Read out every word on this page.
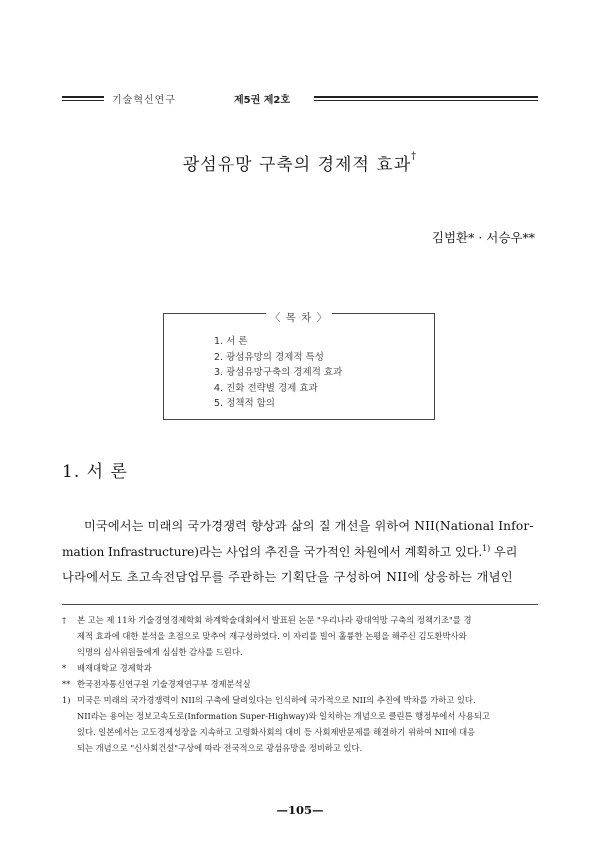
기술혁신연구	제5권 제2호
광섬유망 구축의 경제적 효과†
김범환* · 서승우**
〈 목 차 〉
1. 서 론
2. 광섬유망의 경제적 특성
3. 광섬유망구축의 경제적 효과
4. 진화 전략별 경제 효과
5. 정책적 함의
1. 서 론
미국에서는 미래의 국가경쟁력 향상과 삶의 질 개선을 위하여 NII(National Infor-
mation Infrastructure)라는 사업의 추진을 국가적인 차원에서 계획하고 있다.$^{1)}$ 우리
나라에서도 초고속전담업무를 주관하는 기획단을 구성하여 NII에 상응하는 개념인
† 본 고는 제 11차 기술경영경제학회 하계학술대회에서 발표된 논문 "우리나라 광대역망 구축의 정책기조"를 경

제적 효과에 대한 분석을 초점으로 맞추어 재구성하였다. 이 자리를 빌어 훌륭한 논평을 해주신 김도환박사와

익명의 심사위원들에게 심심한 감사를 드린다.

* 배재대학교 경제학과

** 한국전자통신연구원 기술경제연구부 경제분석실

1) 미국은 미래의 국가경쟁력이 NII의 구축에 달려있다는 인식하에 국가적으로 NII의 추진에 박차를 가하고 있다.

NII라는 용어는 정보고속도로(Information Super-Highway)와 일치하는 개념으로 클린튼 행정부에서 사용되고

있다. 일본에서는 고도경제성장을 지속하고 고령화사회의 대비 등 사회제반문제를 해결하기 위하여 NII에 대응

되는 개념으로 "신사회건설"구상에 따라 전국적으로 광섬유망을 정비하고 있다.

—105—
